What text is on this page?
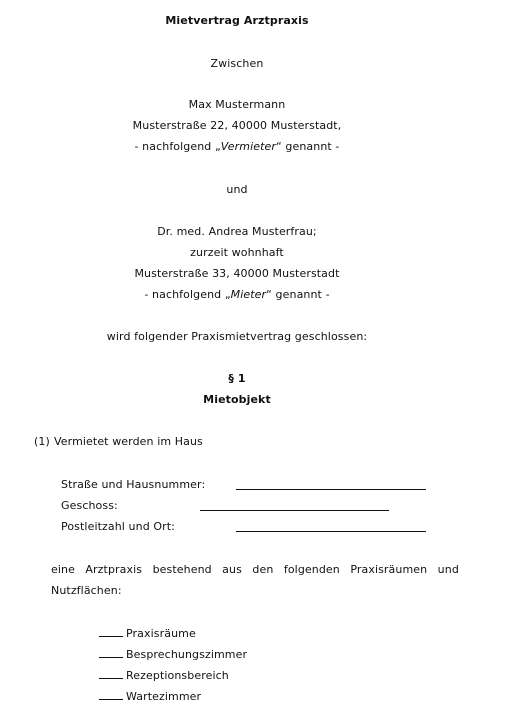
Mietvertrag Arztpraxis
Zwischen
Max Mustermann
Musterstraße 22, 40000 Musterstadt,
- nachfolgend „Vermieter“ genannt -
und
Dr. med. Andrea Musterfrau;
zurzeit wohnhaft
Musterstraße 33, 40000 Musterstadt
- nachfolgend „Mieter“ genannt -
wird folgender Praxismietvertrag geschlossen:
§ 1
Mietobjekt
(1) Vermietet werden im Haus
Straße und Hausnummer:
Geschoss:
Postleitzahl und Ort:
eine Arztpraxis bestehend aus den folgenden Praxisräumen und
Nutzflächen:
Praxisräume
Besprechungszimmer
Rezeptionsbereich
Wartezimmer
